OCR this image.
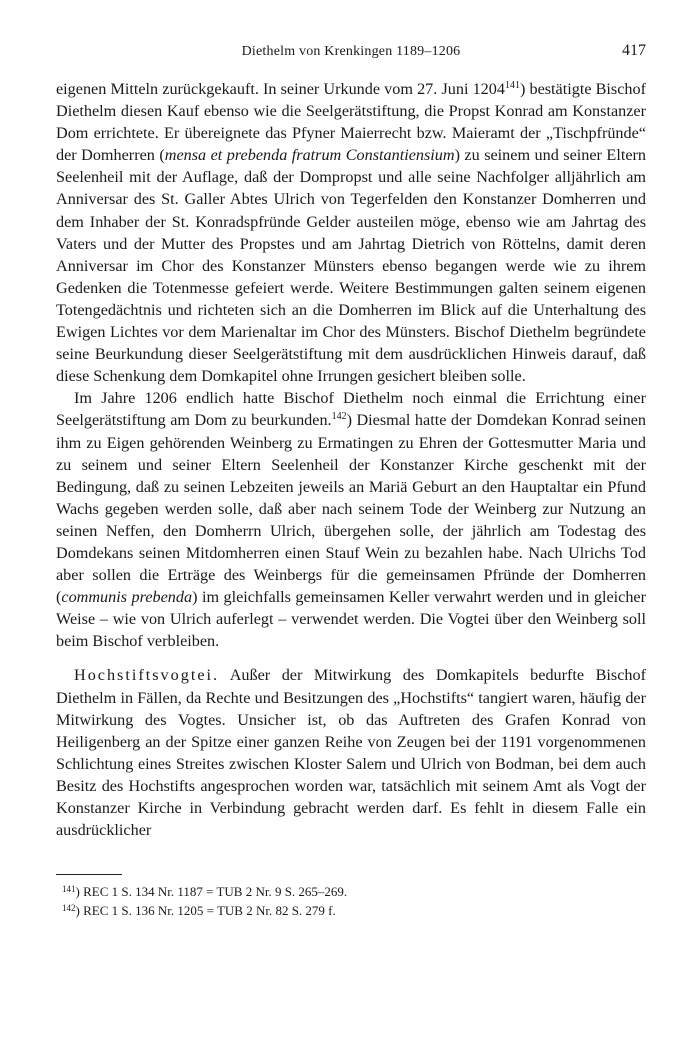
Diethelm von Krenkingen 1189–1206	417

eigenen Mitteln zurückgekauft. In seiner Urkunde vom 27. Juni 1204$^{141}$) bestätigte Bischof Diethelm diesen Kauf ebenso wie die Seelgerätstiftung, die Propst Konrad am Konstanzer Dom errichtete. Er übereignete das Pfyner Maierrecht bzw. Maieramt der „Tischpfründe“ der Domherren (mensa et prebenda fratrum Constantiensium) zu seinem und seiner Eltern Seelenheil mit der Auflage, daß der Dompropst und alle seine Nachfolger alljährlich am Anniversar des St. Galler Abtes Ulrich von Tegerfelden den Konstanzer Domherren und dem Inhaber der St. Konradspfründe Gelder austeilen möge, ebenso wie am Jahrtag des Vaters und der Mutter des Propstes und am Jahrtag Dietrich von Röttelns, damit deren Anniversar im Chor des Konstanzer Münsters ebenso begangen werde wie zu ihrem Gedenken die Totenmesse gefeiert werde. Weitere Bestimmungen galten seinem eigenen Totengedächtnis und richteten sich an die Domherren im Blick auf die Unterhaltung des Ewigen Lichtes vor dem Marienaltar im Chor des Münsters. Bischof Diethelm begründete seine Beurkundung dieser Seelgerätstiftung mit dem ausdrücklichen Hinweis darauf, daß diese Schenkung dem Domkapitel ohne Irrungen gesichert bleiben solle.

Im Jahre 1206 endlich hatte Bischof Diethelm noch einmal die Errichtung einer Seelgerätstiftung am Dom zu beurkunden.$^{142}$) Diesmal hatte der Domdekan Konrad seinen ihm zu Eigen gehörenden Weinberg zu Ermatingen zu Ehren der Gottesmutter Maria und zu seinem und seiner Eltern Seelenheil der Konstanzer Kirche geschenkt mit der Bedingung, daß zu seinen Lebzeiten jeweils an Mariä Geburt an den Hauptaltar ein Pfund Wachs gegeben werden solle, daß aber nach seinem Tode der Weinberg zur Nutzung an seinen Neffen, den Domherrn Ulrich, übergehen solle, der jährlich am Todestag des Domdekans seinen Mitdomherren einen Stauf Wein zu bezahlen habe. Nach Ulrichs Tod aber sollen die Erträge des Weinbergs für die gemeinsamen Pfründe der Domherren (communis prebenda) im gleichfalls gemeinsamen Keller verwahrt werden und in gleicher Weise – wie von Ulrich auferlegt – verwendet werden. Die Vogtei über den Weinberg soll beim Bischof verbleiben.

Hochstiftsvogtei. Außer der Mitwirkung des Domkapitels bedurfte Bischof Diethelm in Fällen, da Rechte und Besitzungen des „Hochstifts“ tangiert waren, häufig der Mitwirkung des Vogtes. Unsicher ist, ob das Auftreten des Grafen Konrad von Heiligenberg an der Spitze einer ganzen Reihe von Zeugen bei der 1191 vorgenommenen Schlichtung eines Streites zwischen Kloster Salem und Ulrich von Bodman, bei dem auch Besitz des Hochstifts angesprochen worden war, tatsächlich mit seinem Amt als Vogt der Konstanzer Kirche in Verbindung gebracht werden darf. Es fehlt in diesem Falle ein ausdrücklicher

$^{141}$) REC 1 S. 134 Nr. 1187 = TUB 2 Nr. 9 S. 265–269.

$^{142}$) REC 1 S. 136 Nr. 1205 = TUB 2 Nr. 82 S. 279 f.
